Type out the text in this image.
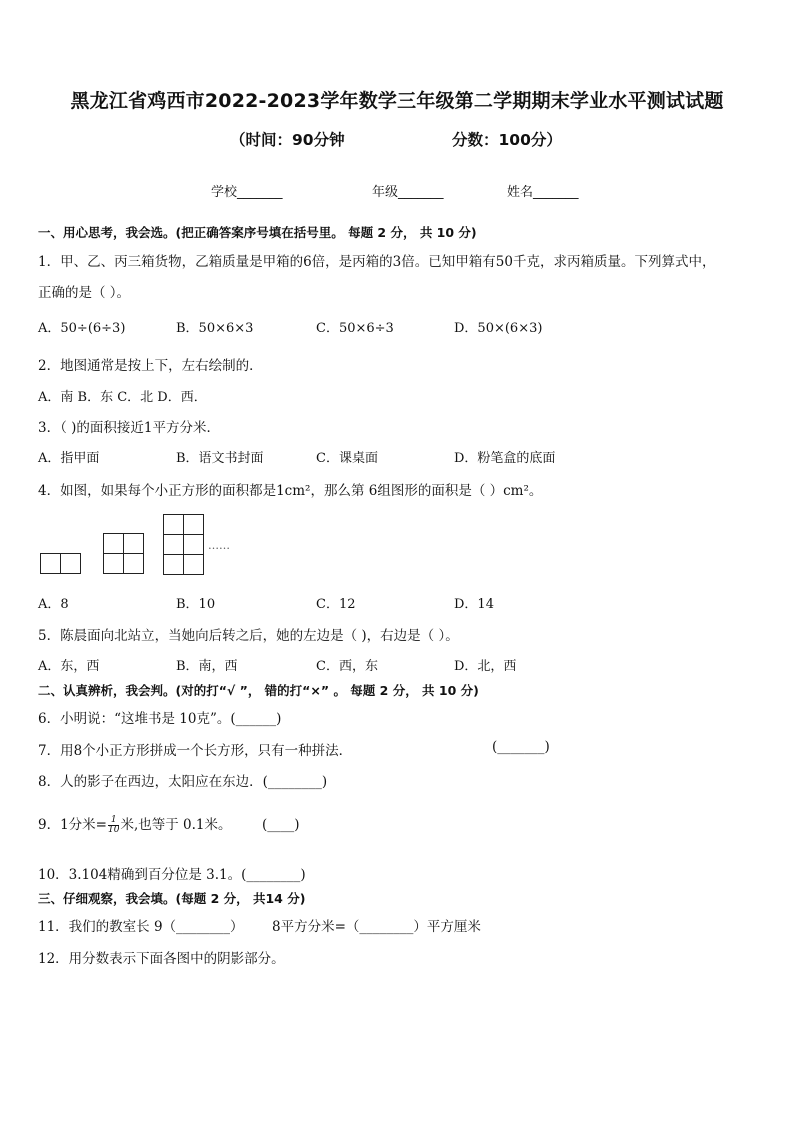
黑龙江省鸡西市2022-2023学年数学三年级第二学期期末学业水平测试试题
（时间：90分钟	分数：100分）
学校_______	年级_______	姓名_______
一、用心思考，我会选。(把正确答案序号填在括号里。 每题 2 分， 共 10 分)
1．甲、乙、丙三箱货物，乙箱质量是甲箱的6倍，是丙箱的3倍。已知甲箱有50千克，求丙箱质量。下列算式中，
正确的是（ ）。
A．50÷(6÷3)	B．50×6×3	C．50×6÷3	D．50×(6×3)
2．地图通常是按上下，左右绘制的．
A．南 B．东 C．北 D．西．
3．（ )的面积接近1平方分米．
A．指甲面	B．语文书封面	C．课桌面	D．粉笔盒的底面
4．如图，如果每个小正方形的面积都是1cm²，那么第 6组图形的面积是（ ）cm²。
……
A．8	B．10	C．12	D．14
5．陈晨面向北站立，当她向后转之后，她的左边是（ )，右边是（ ）。
A．东，西	B．南，西	C．西，东	D．北，西
二、认真辨析，我会判。(对的打“√ ”， 错的打“×” 。 每题 2 分， 共 10 分)
6．小明说：“这堆书是 10克”。(______)
7．用8个小正方形拼成一个长方形，只有一种拼法．	(_______)
8．人的影子在西边，太阳应在东边．(________)
9．1分米= $\frac{1}{10}$ 米,也等于 0.1米。 (____)
10．3.104精确到百分位是 3.1。(________)
三、仔细观察，我会填。(每题 2 分， 共14 分)
11．我们的教室长 9（________） 8平方分米=（________）平方厘米
12．用分数表示下面各图中的阴影部分。
